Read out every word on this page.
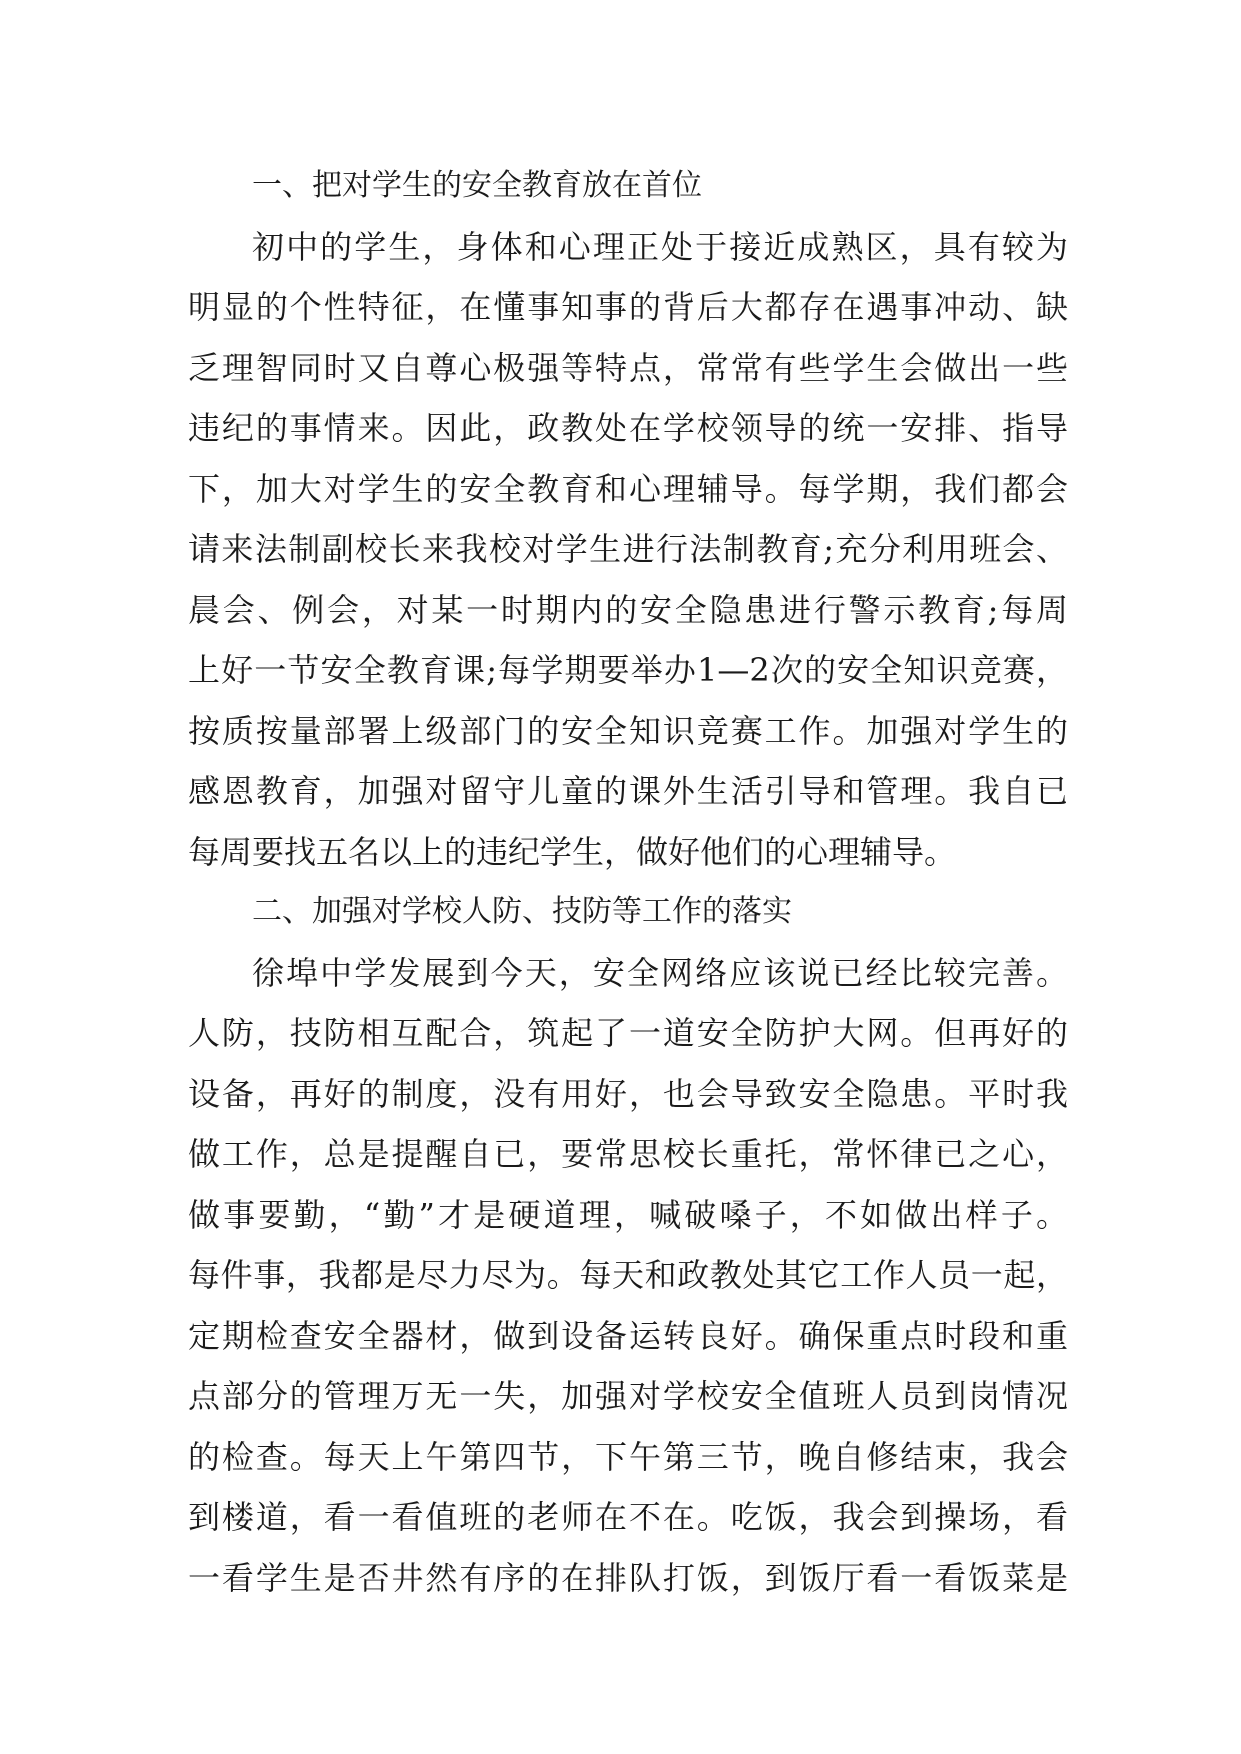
一、把对学生的安全教育放在首位
初中的学生，身体和心理正处于接近成熟区，具有较为
明显的个性特征，在懂事知事的背后大都存在遇事冲动、缺
乏理智同时又自尊心极强等特点，常常有些学生会做出一些
违纪的事情来。因此，政教处在学校领导的统一安排、指导
下，加大对学生的安全教育和心理辅导。每学期，我们都会
请来法制副校长来我校对学生进行法制教育;充分利用班会、
晨会、例会，对某一时期内的安全隐患进行警示教育;每周
上好一节安全教育课;每学期要举办1—2次的安全知识竞赛，
按质按量部署上级部门的安全知识竞赛工作。加强对学生的
感恩教育，加强对留守儿童的课外生活引导和管理。我自已
每周要找五名以上的违纪学生，做好他们的心理辅导。
二、加强对学校人防、技防等工作的落实
徐埠中学发展到今天，安全网络应该说已经比较完善。
人防，技防相互配合，筑起了一道安全防护大网。但再好的
设备，再好的制度，没有用好，也会导致安全隐患。平时我
做工作，总是提醒自已，要常思校长重托，常怀律已之心，
做事要勤，“勤”才是硬道理，喊破嗓子，不如做出样子。
每件事，我都是尽力尽为。每天和政教处其它工作人员一起，
定期检查安全器材，做到设备运转良好。确保重点时段和重
点部分的管理万无一失，加强对学校安全值班人员到岗情况
的检查。每天上午第四节，下午第三节，晚自修结束，我会
到楼道，看一看值班的老师在不在。吃饭，我会到操场，看
一看学生是否井然有序的在排队打饭，到饭厅看一看饭菜是
